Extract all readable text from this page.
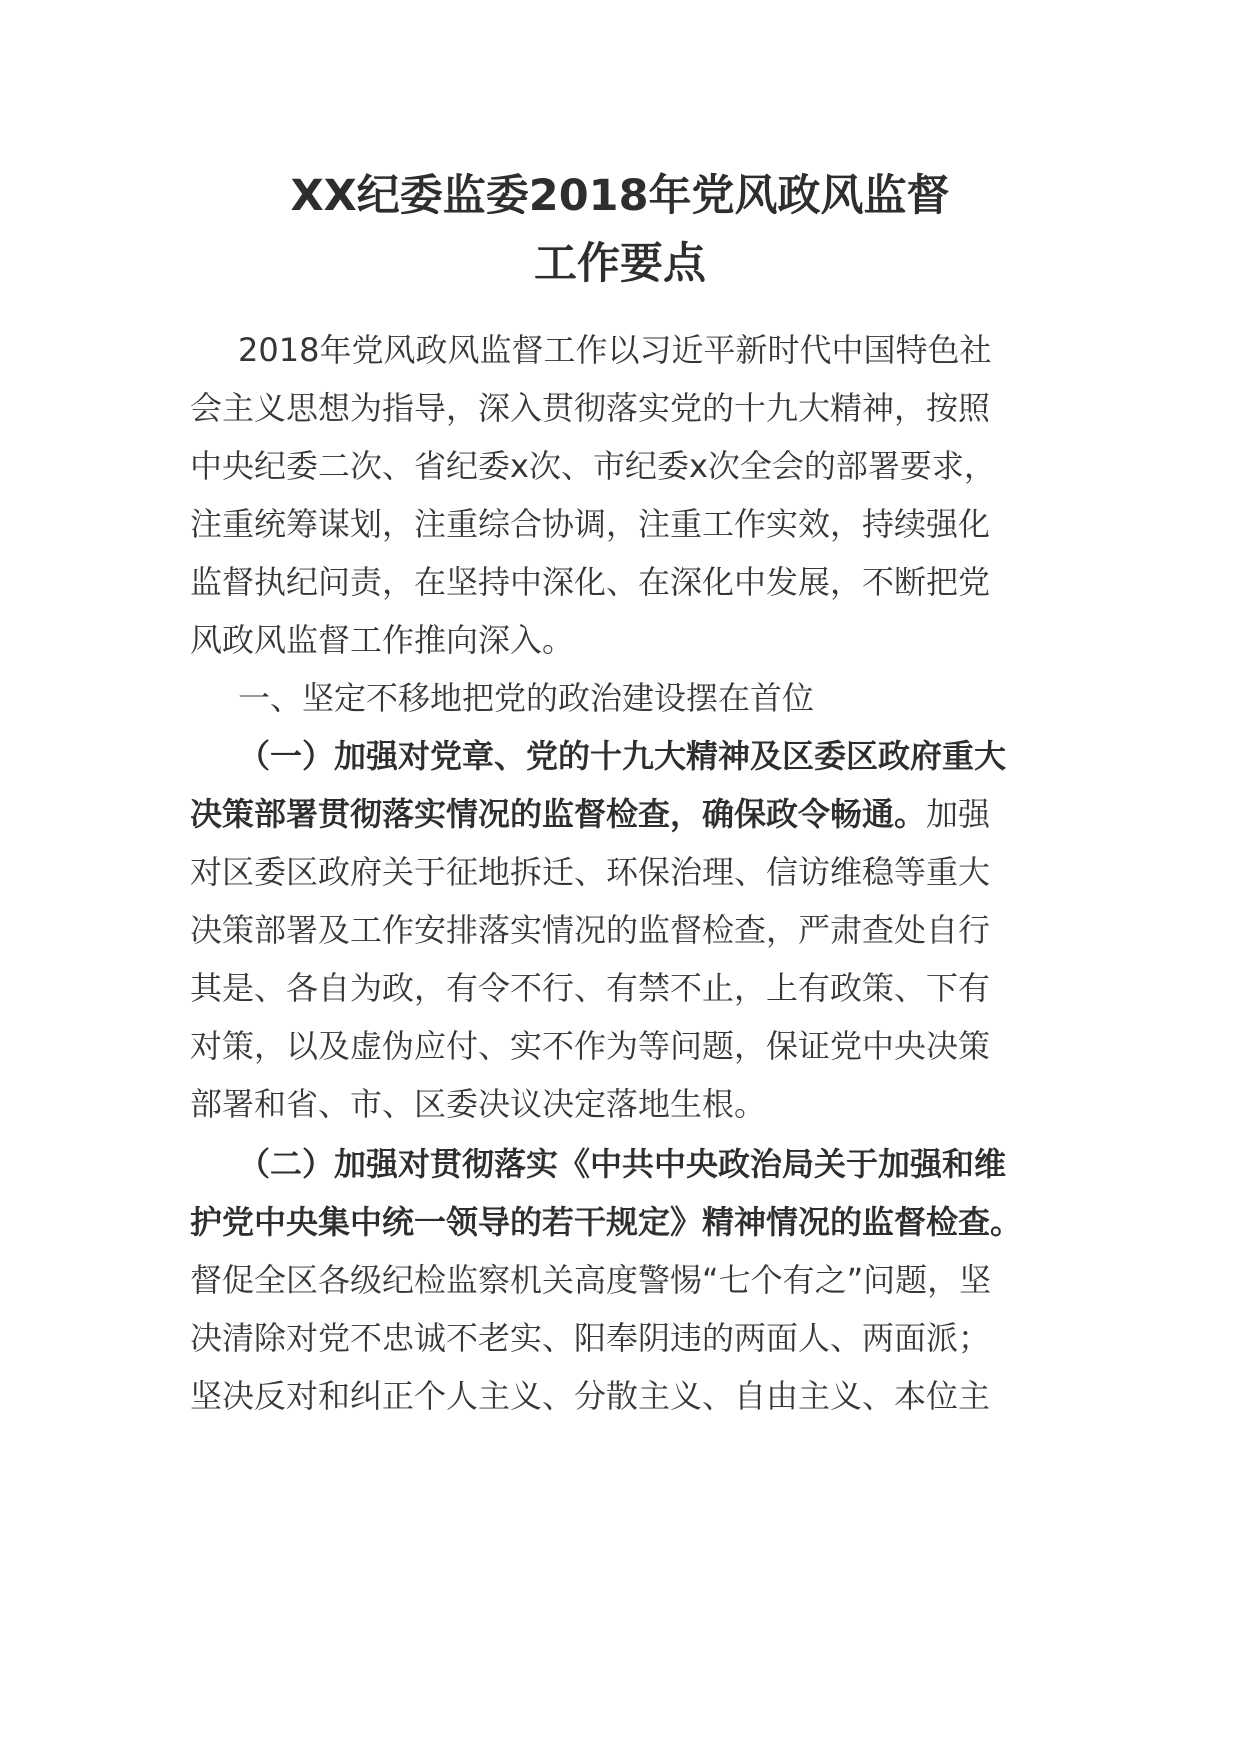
XX纪委监委2018年党风政风监督
工作要点
2018年党风政风监督工作以习近平新时代中国特色社
会主义思想为指导，深入贯彻落实党的十九大精神，按照
中央纪委二次、省纪委x次、市纪委x次全会的部署要求，
注重统筹谋划，注重综合协调，注重工作实效，持续强化
监督执纪问责，在坚持中深化、在深化中发展，不断把党
风政风监督工作推向深入。
一、坚定不移地把党的政治建设摆在首位
（一）加强对党章、党的十九大精神及区委区政府重大
决策部署贯彻落实情况的监督检查，确保政令畅通。加强
对区委区政府关于征地拆迁、环保治理、信访维稳等重大
决策部署及工作安排落实情况的监督检查，严肃查处自行
其是、各自为政，有令不行、有禁不止，上有政策、下有
对策，以及虚伪应付、实不作为等问题，保证党中央决策
部署和省、市、区委决议决定落地生根。
（二）加强对贯彻落实《中共中央政治局关于加强和维
护党中央集中统一领导的若干规定》精神情况的监督检查。
督促全区各级纪检监察机关高度警惕“七个有之”问题，坚
决清除对党不忠诚不老实、阳奉阴违的两面人、两面派；
坚决反对和纠正个人主义、分散主义、自由主义、本位主
